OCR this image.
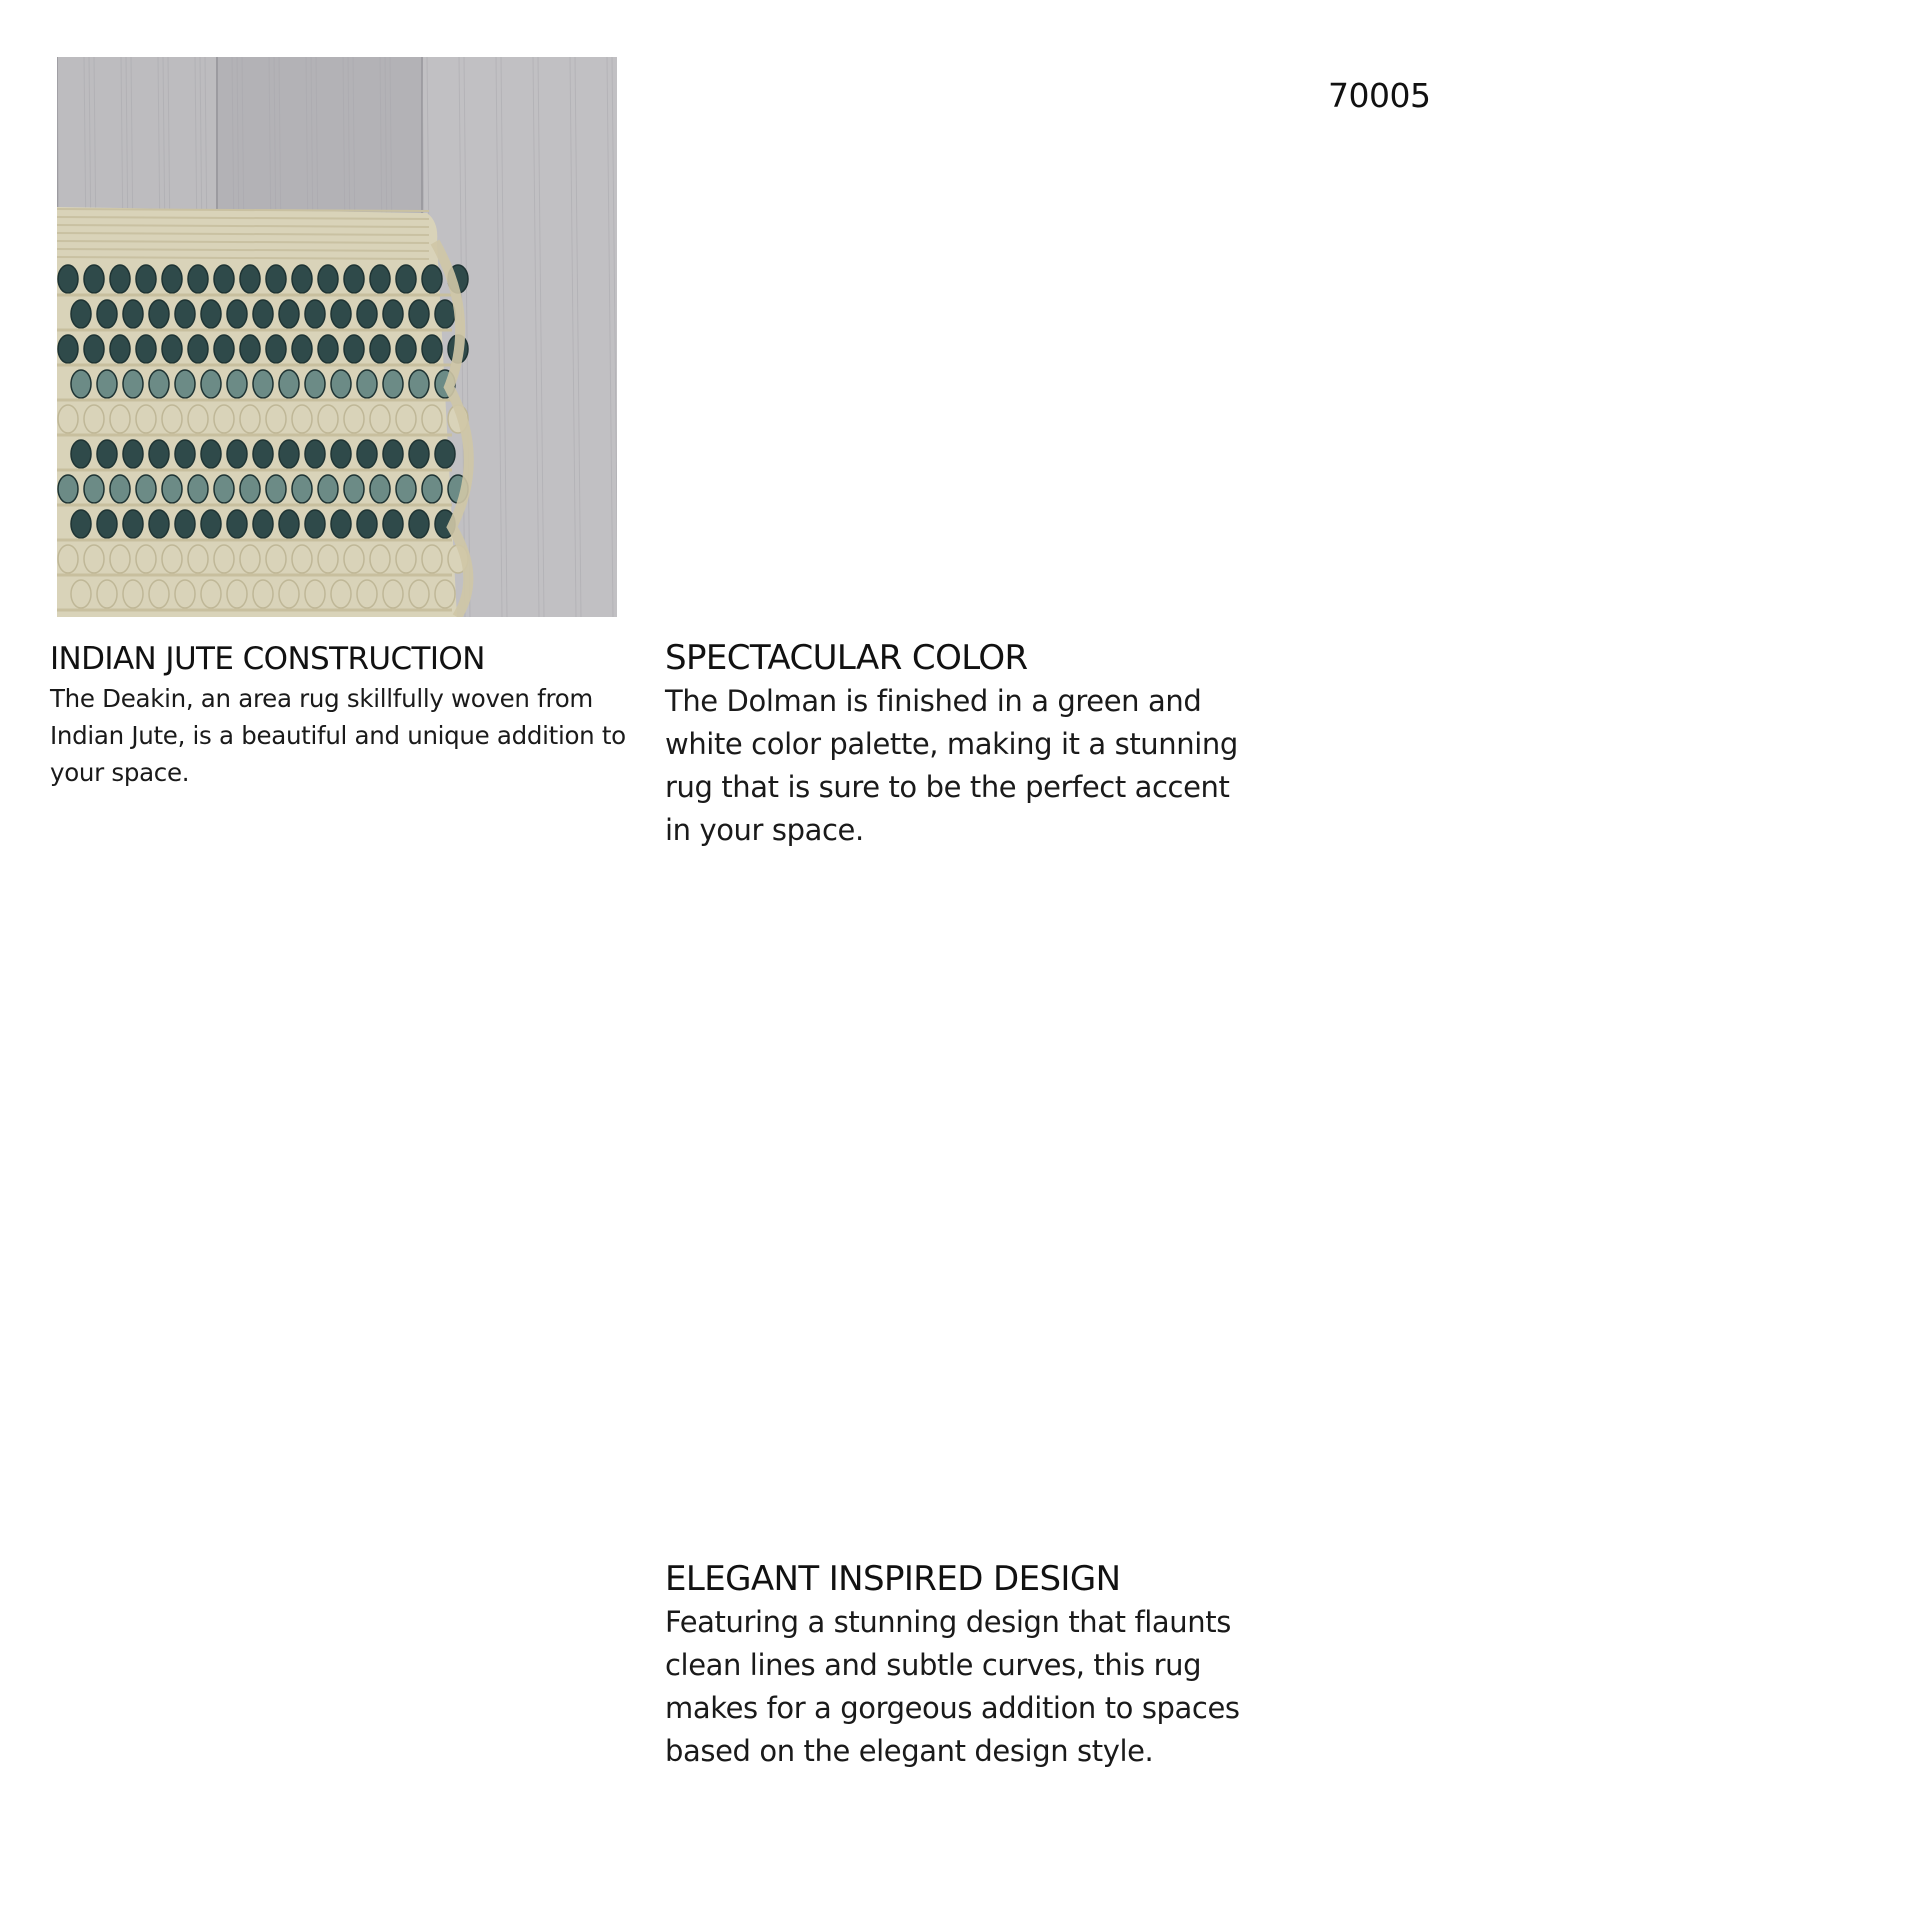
70005
INDIAN JUTE CONSTRUCTION

The Deakin, an area rug skillfully woven from Indian Jute, is a beautiful and unique addition to your space.

SPECTACULAR COLOR

The Dolman is finished in a green and white color palette, making it a stunning rug that is sure to be the perfect accent in your space.

ELEGANT INSPIRED DESIGN

Featuring a stunning design that flaunts clean lines and subtle curves, this rug makes for a gorgeous addition to spaces based on the elegant design style.
